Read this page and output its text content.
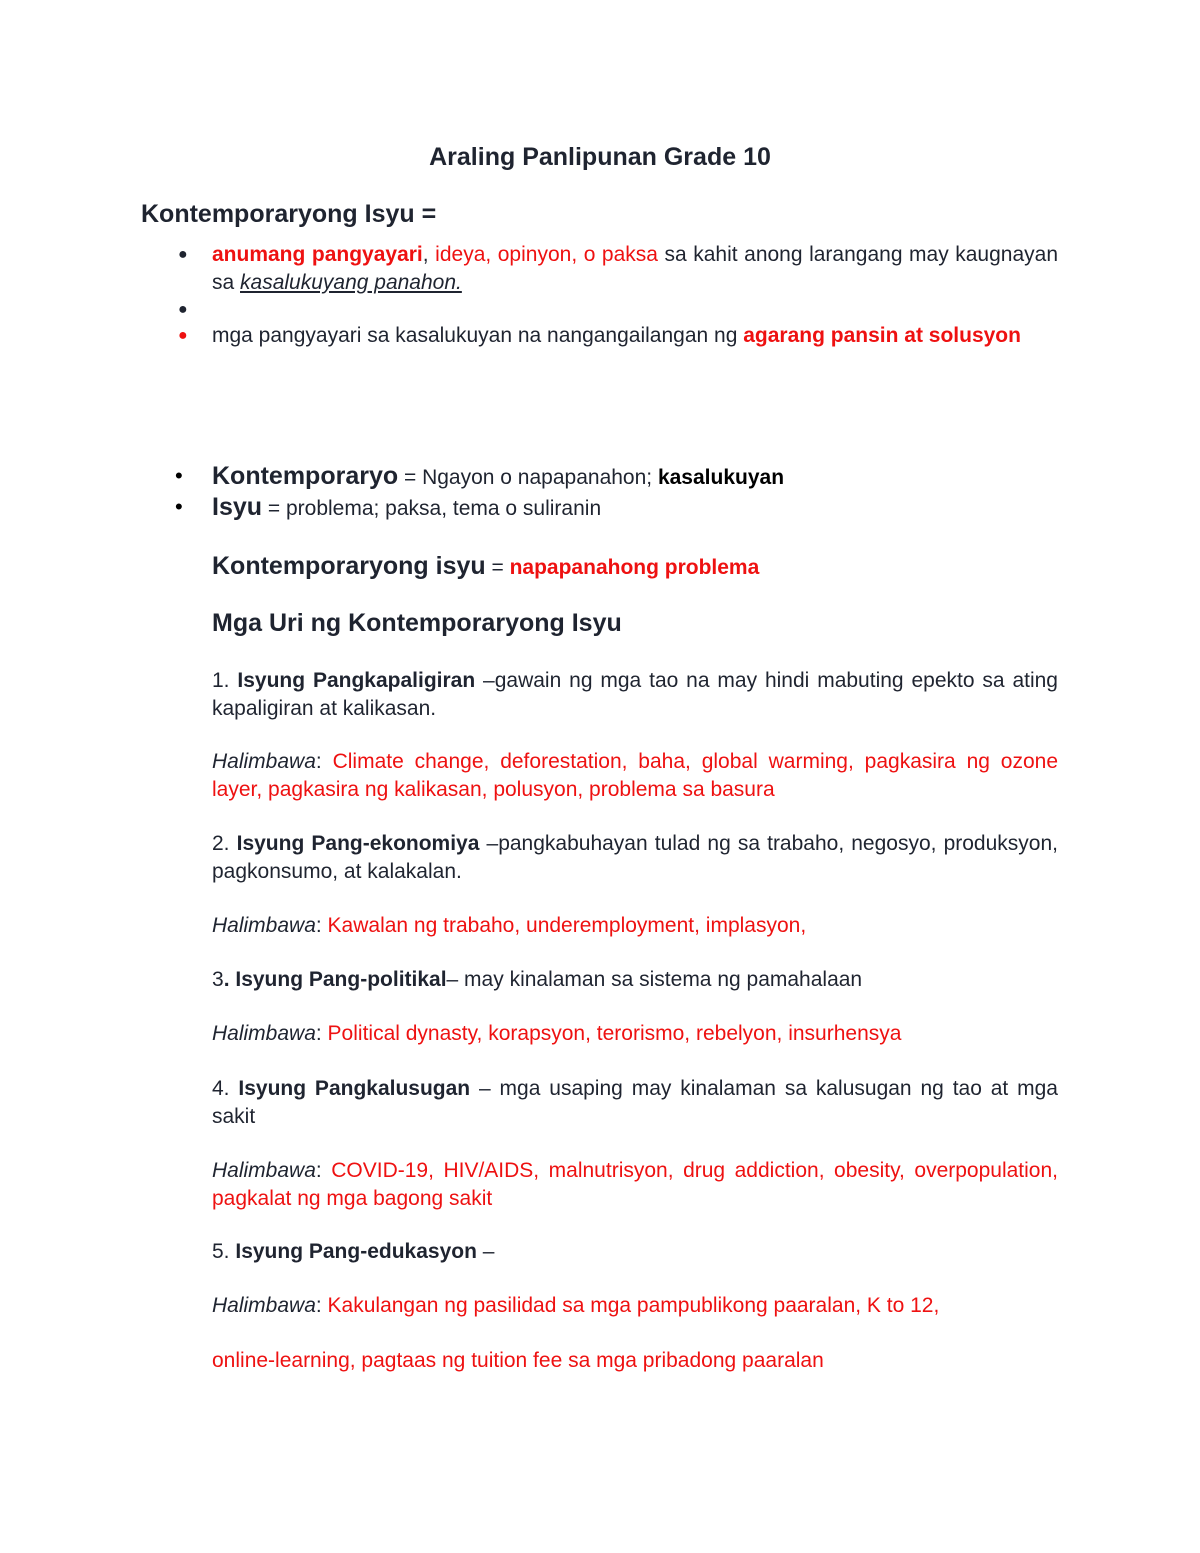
Araling Panlipunan Grade 10
Kontemporaryong Isyu =
● anumang pangyayari, ideya, opinyon, o paksa sa kahit anong larangang may kaugnayan sa kasalukuyang panahon.
●
● mga pangyayari sa kasalukuyan na nangangailangan ng agarang pansin at solusyon
• Kontemporaryo = Ngayon o napapanahon; kasalukuyan
• Isyu = problema; paksa, tema o suliranin
Kontemporaryong isyu = napapanahong problema
Mga Uri ng Kontemporaryong Isyu
1. Isyung Pangkapaligiran –gawain ng mga tao na may hindi mabuting epekto sa ating kapaligiran at kalikasan.
Halimbawa: Climate change, deforestation, baha, global warming, pagkasira ng ozone layer, pagkasira ng kalikasan, polusyon, problema sa basura
2. Isyung Pang-ekonomiya –pangkabuhayan tulad ng sa trabaho, negosyo, produksyon, pagkonsumo, at kalakalan.
Halimbawa: Kawalan ng trabaho, underemployment, implasyon,
3. Isyung Pang-politikal– may kinalaman sa sistema ng pamahalaan
Halimbawa: Political dynasty, korapsyon, terorismo, rebelyon, insurhensya
4. Isyung Pangkalusugan – mga usaping may kinalaman sa kalusugan ng tao at mga sakit
Halimbawa: COVID-19, HIV/AIDS, malnutrisyon, drug addiction, obesity, overpopulation, pagkalat ng mga bagong sakit
5. Isyung Pang-edukasyon –
Halimbawa: Kakulangan ng pasilidad sa mga pampublikong paaralan, K to 12,
online-learning, pagtaas ng tuition fee sa mga pribadong paaralan
